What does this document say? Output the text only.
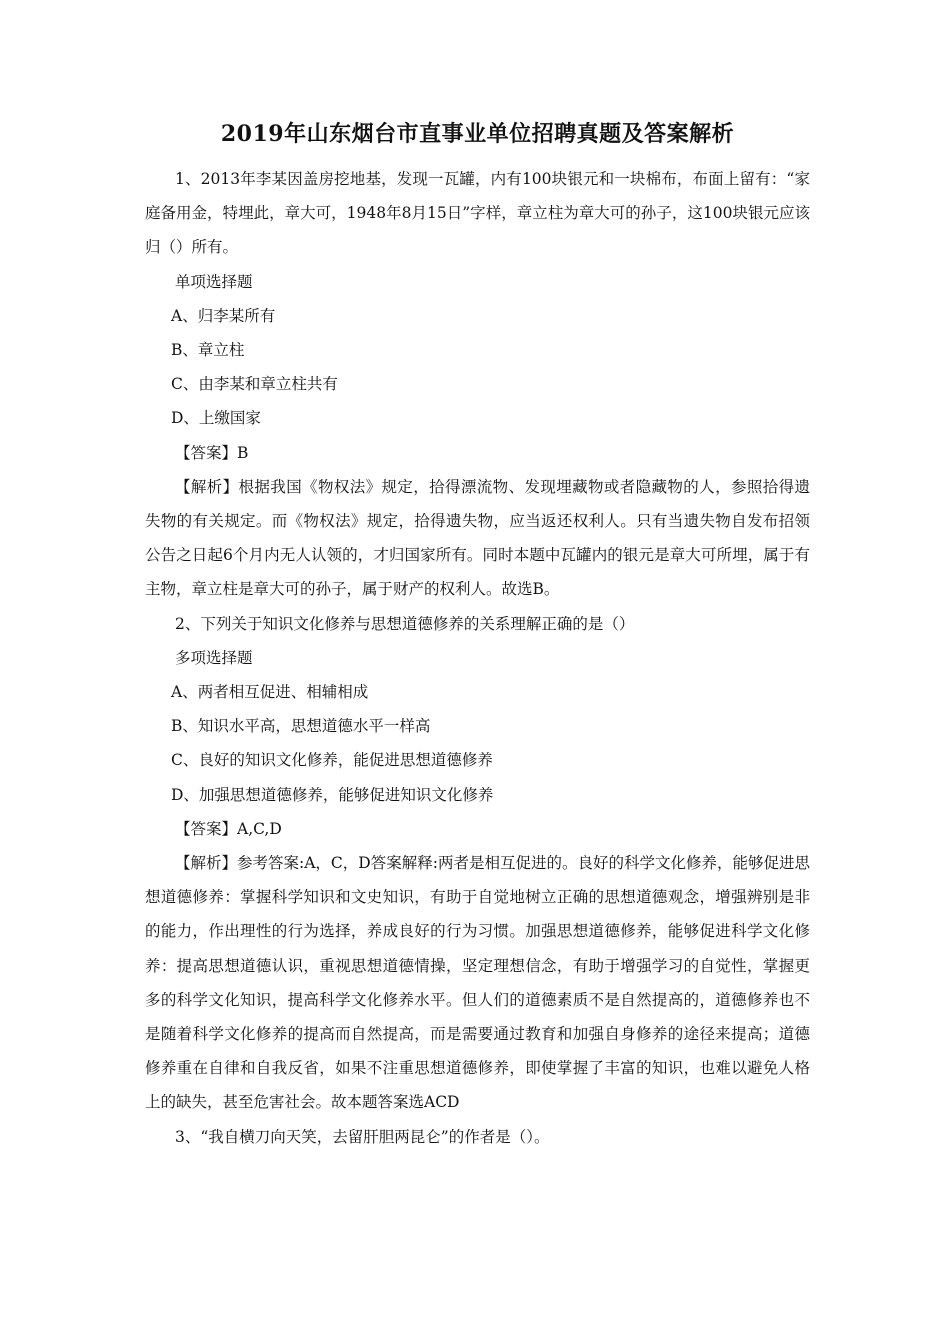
2019年山东烟台市直事业单位招聘真题及答案解析

1、2013年李某因盖房挖地基，发现一瓦罐，内有100块银元和一块棉布，布面上留有：“家庭备用金，特埋此，章大可，1948年8月15日”字样，章立柱为章大可的孙子，这100块银元应该归（）所有。

单项选择题

A、归李某所有

B、章立柱

C、由李某和章立柱共有

D、上缴国家

【答案】B

【解析】根据我国《物权法》规定，拾得漂流物、发现埋藏物或者隐藏物的人，参照拾得遗失物的有关规定。而《物权法》规定，拾得遗失物，应当返还权利人。只有当遗失物自发布招领公告之日起6个月内无人认领的，才归国家所有。同时本题中瓦罐内的银元是章大可所埋，属于有主物，章立柱是章大可的孙子，属于财产的权利人。故选B。

2、下列关于知识文化修养与思想道德修养的关系理解正确的是（）

多项选择题

A、两者相互促进、相辅相成

B、知识水平高，思想道德水平一样高

C、良好的知识文化修养，能促进思想道德修养

D、加强思想道德修养，能够促进知识文化修养

【答案】A,C,D

【解析】参考答案:A，C，D答案解释:两者是相互促进的。良好的科学文化修养，能够促进思想道德修养：掌握科学知识和文史知识，有助于自觉地树立正确的思想道德观念，增强辨别是非的能力，作出理性的行为选择，养成良好的行为习惯。加强思想道德修养，能够促进科学文化修养：提高思想道德认识，重视思想道德情操，坚定理想信念，有助于增强学习的自觉性，掌握更多的科学文化知识，提高科学文化修养水平。但人们的道德素质不是自然提高的，道德修养也不是随着科学文化修养的提高而自然提高，而是需要通过教育和加强自身修养的途径来提高；道德修养重在自律和自我反省，如果不注重思想道德修养，即使掌握了丰富的知识，也难以避免人格上的缺失，甚至危害社会。故本题答案选ACD

3、“我自横刀向天笑，去留肝胆两昆仑”的作者是（）。
